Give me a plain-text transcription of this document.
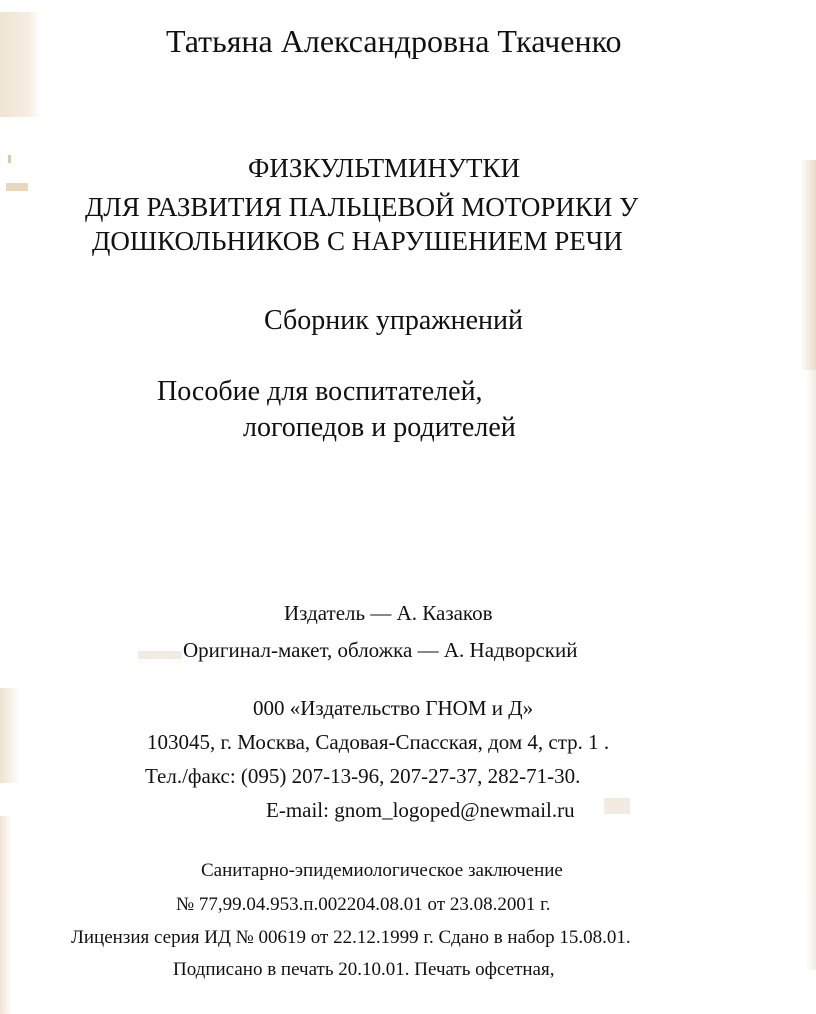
Татьяна Александровна Ткаченко
ФИЗКУЛЬТМИНУТКИ
ДЛЯ РАЗВИТИЯ ПАЛЬЦЕВОЙ МОТОРИКИ У
ДОШКОЛЬНИКОВ С НАРУШЕНИЕМ РЕЧИ
Сборник упражнений
Пособие для воспитателей,
логопедов и родителей
Издатель — А. Казаков
Оригинал-макет, обложка — А. Надворский
000 «Издательство ГНОМ и Д»
103045, г. Москва, Садовая-Спасская, дом 4, стр. 1 .
Тел./факс: (095) 207-13-96, 207-27-37, 282-71-30.
E-mail: gnom_logoped@newmail.ru
Санитарно-эпидемиологическое заключение
№ 77,99.04.953.п.002204.08.01 от 23.08.2001 г.
Лицензия серия ИД № 00619 от 22.12.1999 г. Сдано в набор 15.08.01.
Подписано в печать 20.10.01. Печать офсетная,
